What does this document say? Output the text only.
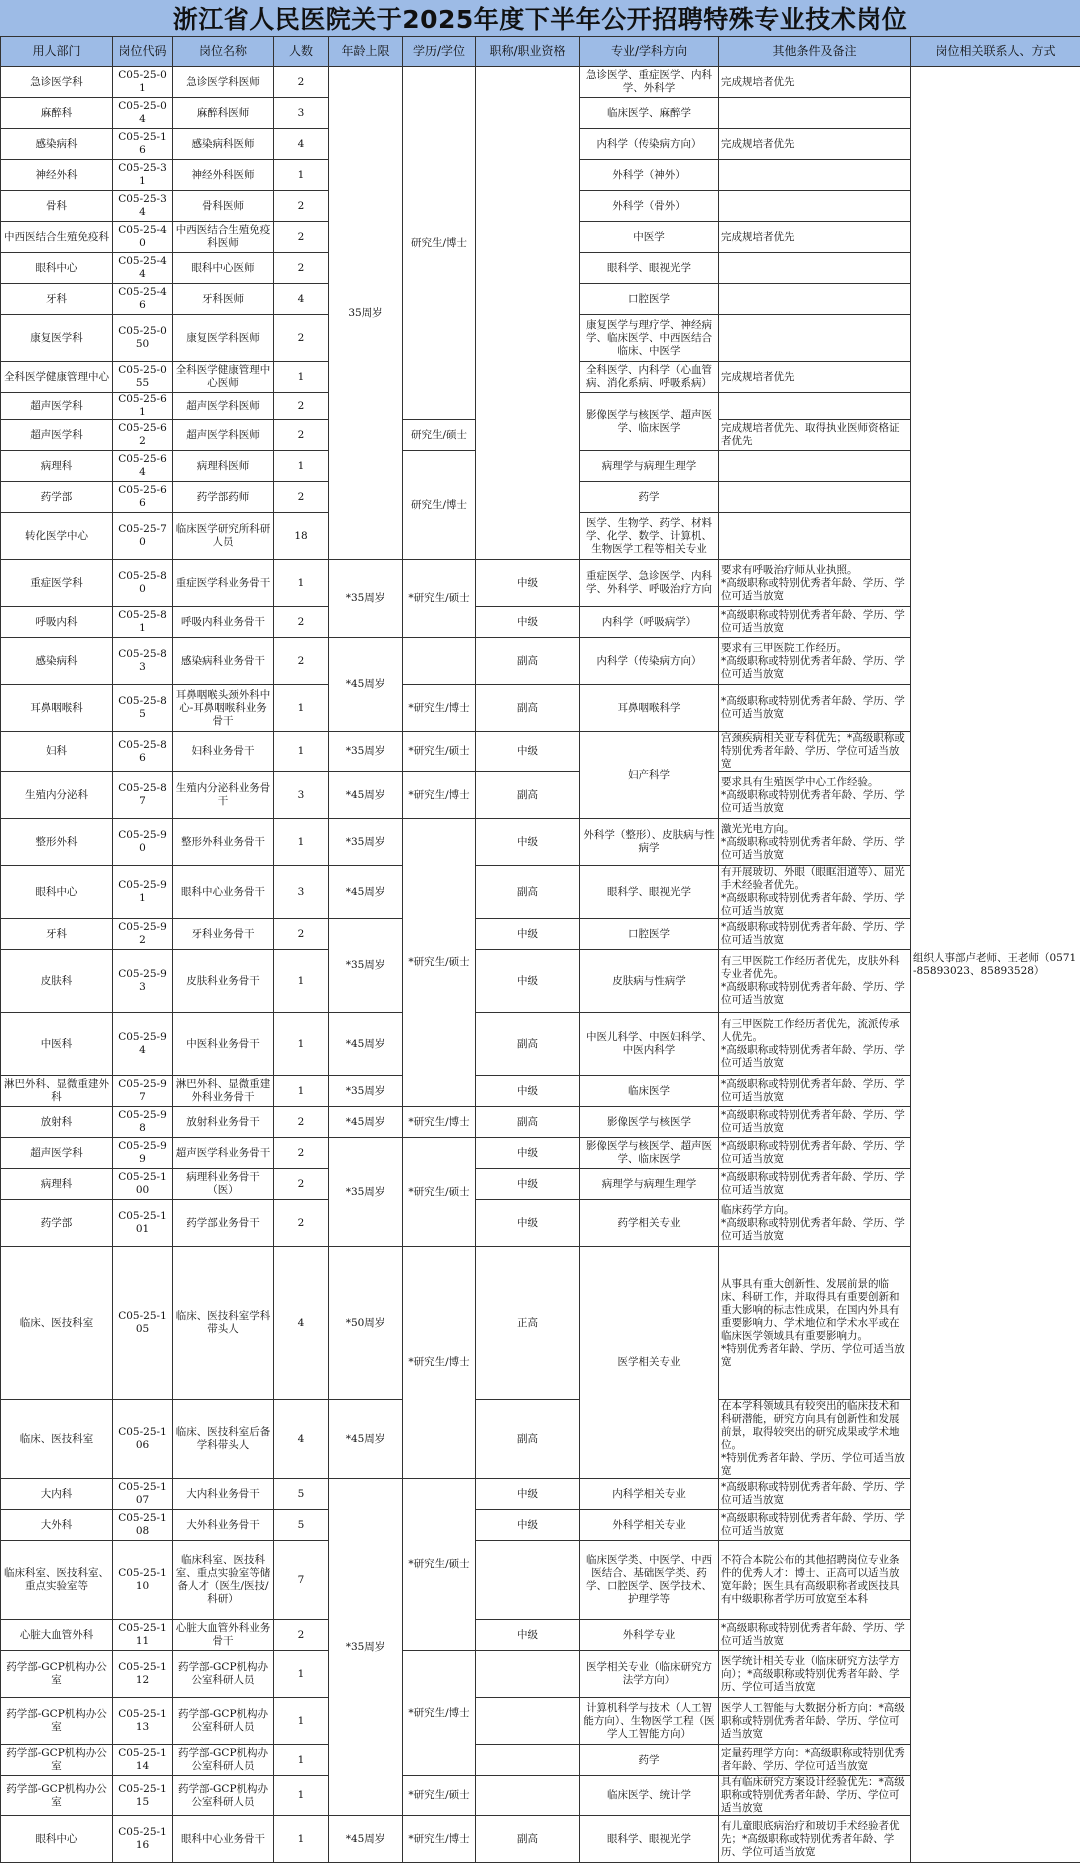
浙江省人民医院关于2025年度下半年公开招聘特殊专业技术岗位
用人部门	岗位代码	岗位名称	人数	年龄上限	学历/学位	职称/职业资格	专业/学科方向	其他条件及备注	岗位相关联系人、方式
急诊医学科	C05-25-01	急诊医学科医师	2	35周岁	研究生/博士		急诊医学、重症医学、内科学、外科学	完成规培者优先	组织人事部卢老师、王老师（0571-85893023、85893528）
麻醉科	C05-25-04	麻醉科医师	3				临床医学、麻醉学		
感染病科	C05-25-16	感染病科医师	4				内科学（传染病方向）	完成规培者优先	
神经外科	C05-25-31	神经外科医师	1				外科学（神外）		
骨科	C05-25-34	骨科医师	2				外科学（骨外）		
中西医结合生殖免疫科	C05-25-40	中西医结合生殖免疫科医师	2				中医学	完成规培者优先	
眼科中心	C05-25-44	眼科中心医师	2				眼科学、眼视光学		
牙科	C05-25-46	牙科医师	4				口腔医学		
康复医学科	C05-25-050	康复医学科医师	2				康复医学与理疗学、神经病学、临床医学、中西医结合临床、中医学		
全科医学健康管理中心	C05-25-055	全科医学健康管理中心医师	1				全科医学、内科学（心血管病、消化系病、呼吸系病）	完成规培者优先	
超声医学科	C05-25-61	超声医学科医师	2				影像医学与核医学、超声医学、临床医学		
超声医学科	C05-25-62	超声医学科医师	2		研究生/硕士			完成规培者优先、取得执业医师资格证者优先	
病理科	C05-25-64	病理科医师	1		研究生/博士		病理学与病理生理学		
药学部	C05-25-66	药学部药师	2				药学		
转化医学中心	C05-25-70	临床医学研究所科研人员	18				医学、生物学、药学、材料学、化学、数学、计算机、生物医学工程等相关专业		
重症医学科	C05-25-80	重症医学科业务骨干	1	*35周岁	*研究生/硕士	中级	重症医学、急诊医学、内科学、外科学、呼吸治疗方向	要求有呼吸治疗师从业执照。
*高级职称或特别优秀者年龄、学历、学位可适当放宽	
呼吸内科	C05-25-81	呼吸内科业务骨干	2			中级	内科学（呼吸病学）	*高级职称或特别优秀者年龄、学历、学位可适当放宽	
感染病科	C05-25-83	感染病科业务骨干	2	*45周岁		副高	内科学（传染病方向）	要求有三甲医院工作经历。
*高级职称或特别优秀者年龄、学历、学位可适当放宽	
耳鼻咽喉科	C05-25-85	耳鼻咽喉头颈外科中心-耳鼻咽喉科业务骨干	1		*研究生/博士	副高	耳鼻咽喉科学	*高级职称或特别优秀者年龄、学历、学位可适当放宽	
妇科	C05-25-86	妇科业务骨干	1	*35周岁	*研究生/硕士	中级	妇产科学	宫颈疾病相关亚专科优先；*高级职称或特别优秀者年龄、学历、学位可适当放宽	
生殖内分泌科	C05-25-87	生殖内分泌科业务骨干	3	*45周岁	*研究生/博士	副高		要求具有生殖医学中心工作经验。
*高级职称或特别优秀者年龄、学历、学位可适当放宽	
整形外科	C05-25-90	整形外科业务骨干	1	*35周岁	*研究生/硕士	中级	外科学（整形）、皮肤病与性病学	激光光电方向。
*高级职称或特别优秀者年龄、学历、学位可适当放宽	
眼科中心	C05-25-91	眼科中心业务骨干	3	*45周岁		副高	眼科学、眼视光学	有开展玻切、外眼（眼眶泪道等）、屈光手术经验者优先。
*高级职称或特别优秀者年龄、学历、学位可适当放宽	
牙科	C05-25-92	牙科业务骨干	2	*35周岁		中级	口腔医学	*高级职称或特别优秀者年龄、学历、学位可适当放宽	
皮肤科	C05-25-93	皮肤科业务骨干	1			中级	皮肤病与性病学	有三甲医院工作经历者优先，皮肤外科专业者优先。
*高级职称或特别优秀者年龄、学历、学位可适当放宽	
中医科	C05-25-94	中医科业务骨干	1	*45周岁		副高	中医儿科学、中医妇科学、中医内科学	有三甲医院工作经历者优先，流派传承人优先。
*高级职称或特别优秀者年龄、学历、学位可适当放宽	
淋巴外科、显微重建外科	C05-25-97	淋巴外科、显微重建外科业务骨干	1	*35周岁		中级	临床医学	*高级职称或特别优秀者年龄、学历、学位可适当放宽	
放射科	C05-25-98	放射科业务骨干	2	*45周岁	*研究生/博士	副高	影像医学与核医学	*高级职称或特别优秀者年龄、学历、学位可适当放宽	
超声医学科	C05-25-99	超声医学科业务骨干	2	*35周岁	*研究生/硕士	中级	影像医学与核医学、超声医学、临床医学	*高级职称或特别优秀者年龄、学历、学位可适当放宽	
病理科	C05-25-100	病理科业务骨干（医）	2			中级	病理学与病理生理学	*高级职称或特别优秀者年龄、学历、学位可适当放宽	
药学部	C05-25-101	药学部业务骨干	2			中级	药学相关专业	临床药学方向。
*高级职称或特别优秀者年龄、学历、学位可适当放宽	
临床、医技科室	C05-25-105	临床、医技科室学科带头人	4	*50周岁	*研究生/博士	正高	医学相关专业	从事具有重大创新性、发展前景的临床、科研工作，并取得具有重要创新和重大影响的标志性成果，在国内外具有重要影响力、学术地位和学术水平或在临床医学领域具有重要影响力。
*特别优秀者年龄、学历、学位可适当放宽	
临床、医技科室	C05-25-106	临床、医技科室后备学科带头人	4	*45周岁		副高		在本学科领域具有较突出的临床技术和科研潜能，研究方向具有创新性和发展前景，取得较突出的研究成果或学术地位。
*特别优秀者年龄、学历、学位可适当放宽	
大内科	C05-25-107	大内科业务骨干	5	*35周岁	*研究生/硕士	中级	内科学相关专业	*高级职称或特别优秀者年龄、学历、学位可适当放宽	
大外科	C05-25-108	大外科业务骨干	5			中级	外科学相关专业	*高级职称或特别优秀者年龄、学历、学位可适当放宽	
临床科室、医技科室、重点实验室等	C05-25-110	临床科室、医技科室、重点实验室等储备人才（医生/医技/科研）	7				临床医学类、中医学、中西医结合、基础医学类、药学、口腔医学、医学技术、护理学等	不符合本院公布的其他招聘岗位专业条件的优秀人才：博士、正高可以适当放宽年龄；医生具有高级职称者或医技具有中级职称者学历可放宽至本科	
心脏大血管外科	C05-25-111	心脏大血管外科业务骨干	2			中级	外科学专业	*高级职称或特别优秀者年龄、学历、学位可适当放宽	
药学部-GCP机构办公室	C05-25-112	药学部-GCP机构办公室科研人员	1		*研究生/博士		医学相关专业（临床研究方法学方向）	医学统计相关专业（临床研究方法学方向）；*高级职称或特别优秀者年龄、学历、学位可适当放宽	
药学部-GCP机构办公室	C05-25-113	药学部-GCP机构办公室科研人员	1				计算机科学与技术（人工智能方向）、生物医学工程（医学人工智能方向）	医学人工智能与大数据分析方向：*高级职称或特别优秀者年龄、学历、学位可适当放宽	
药学部-GCP机构办公室	C05-25-114	药学部-GCP机构办公室科研人员	1				药学	定量药理学方向：*高级职称或特别优秀者年龄、学历、学位可适当放宽	
药学部-GCP机构办公室	C05-25-115	药学部-GCP机构办公室科研人员	1		*研究生/硕士		临床医学、统计学	具有临床研究方案设计经验优先：*高级职称或特别优秀者年龄、学历、学位可适当放宽	
眼科中心	C05-25-116	眼科中心业务骨干	1	*45周岁	*研究生/博士	副高	眼科学、眼视光学	有儿童眼底病治疗和玻切手术经验者优先；*高级职称或特别优秀者年龄、学历、学位可适当放宽	
